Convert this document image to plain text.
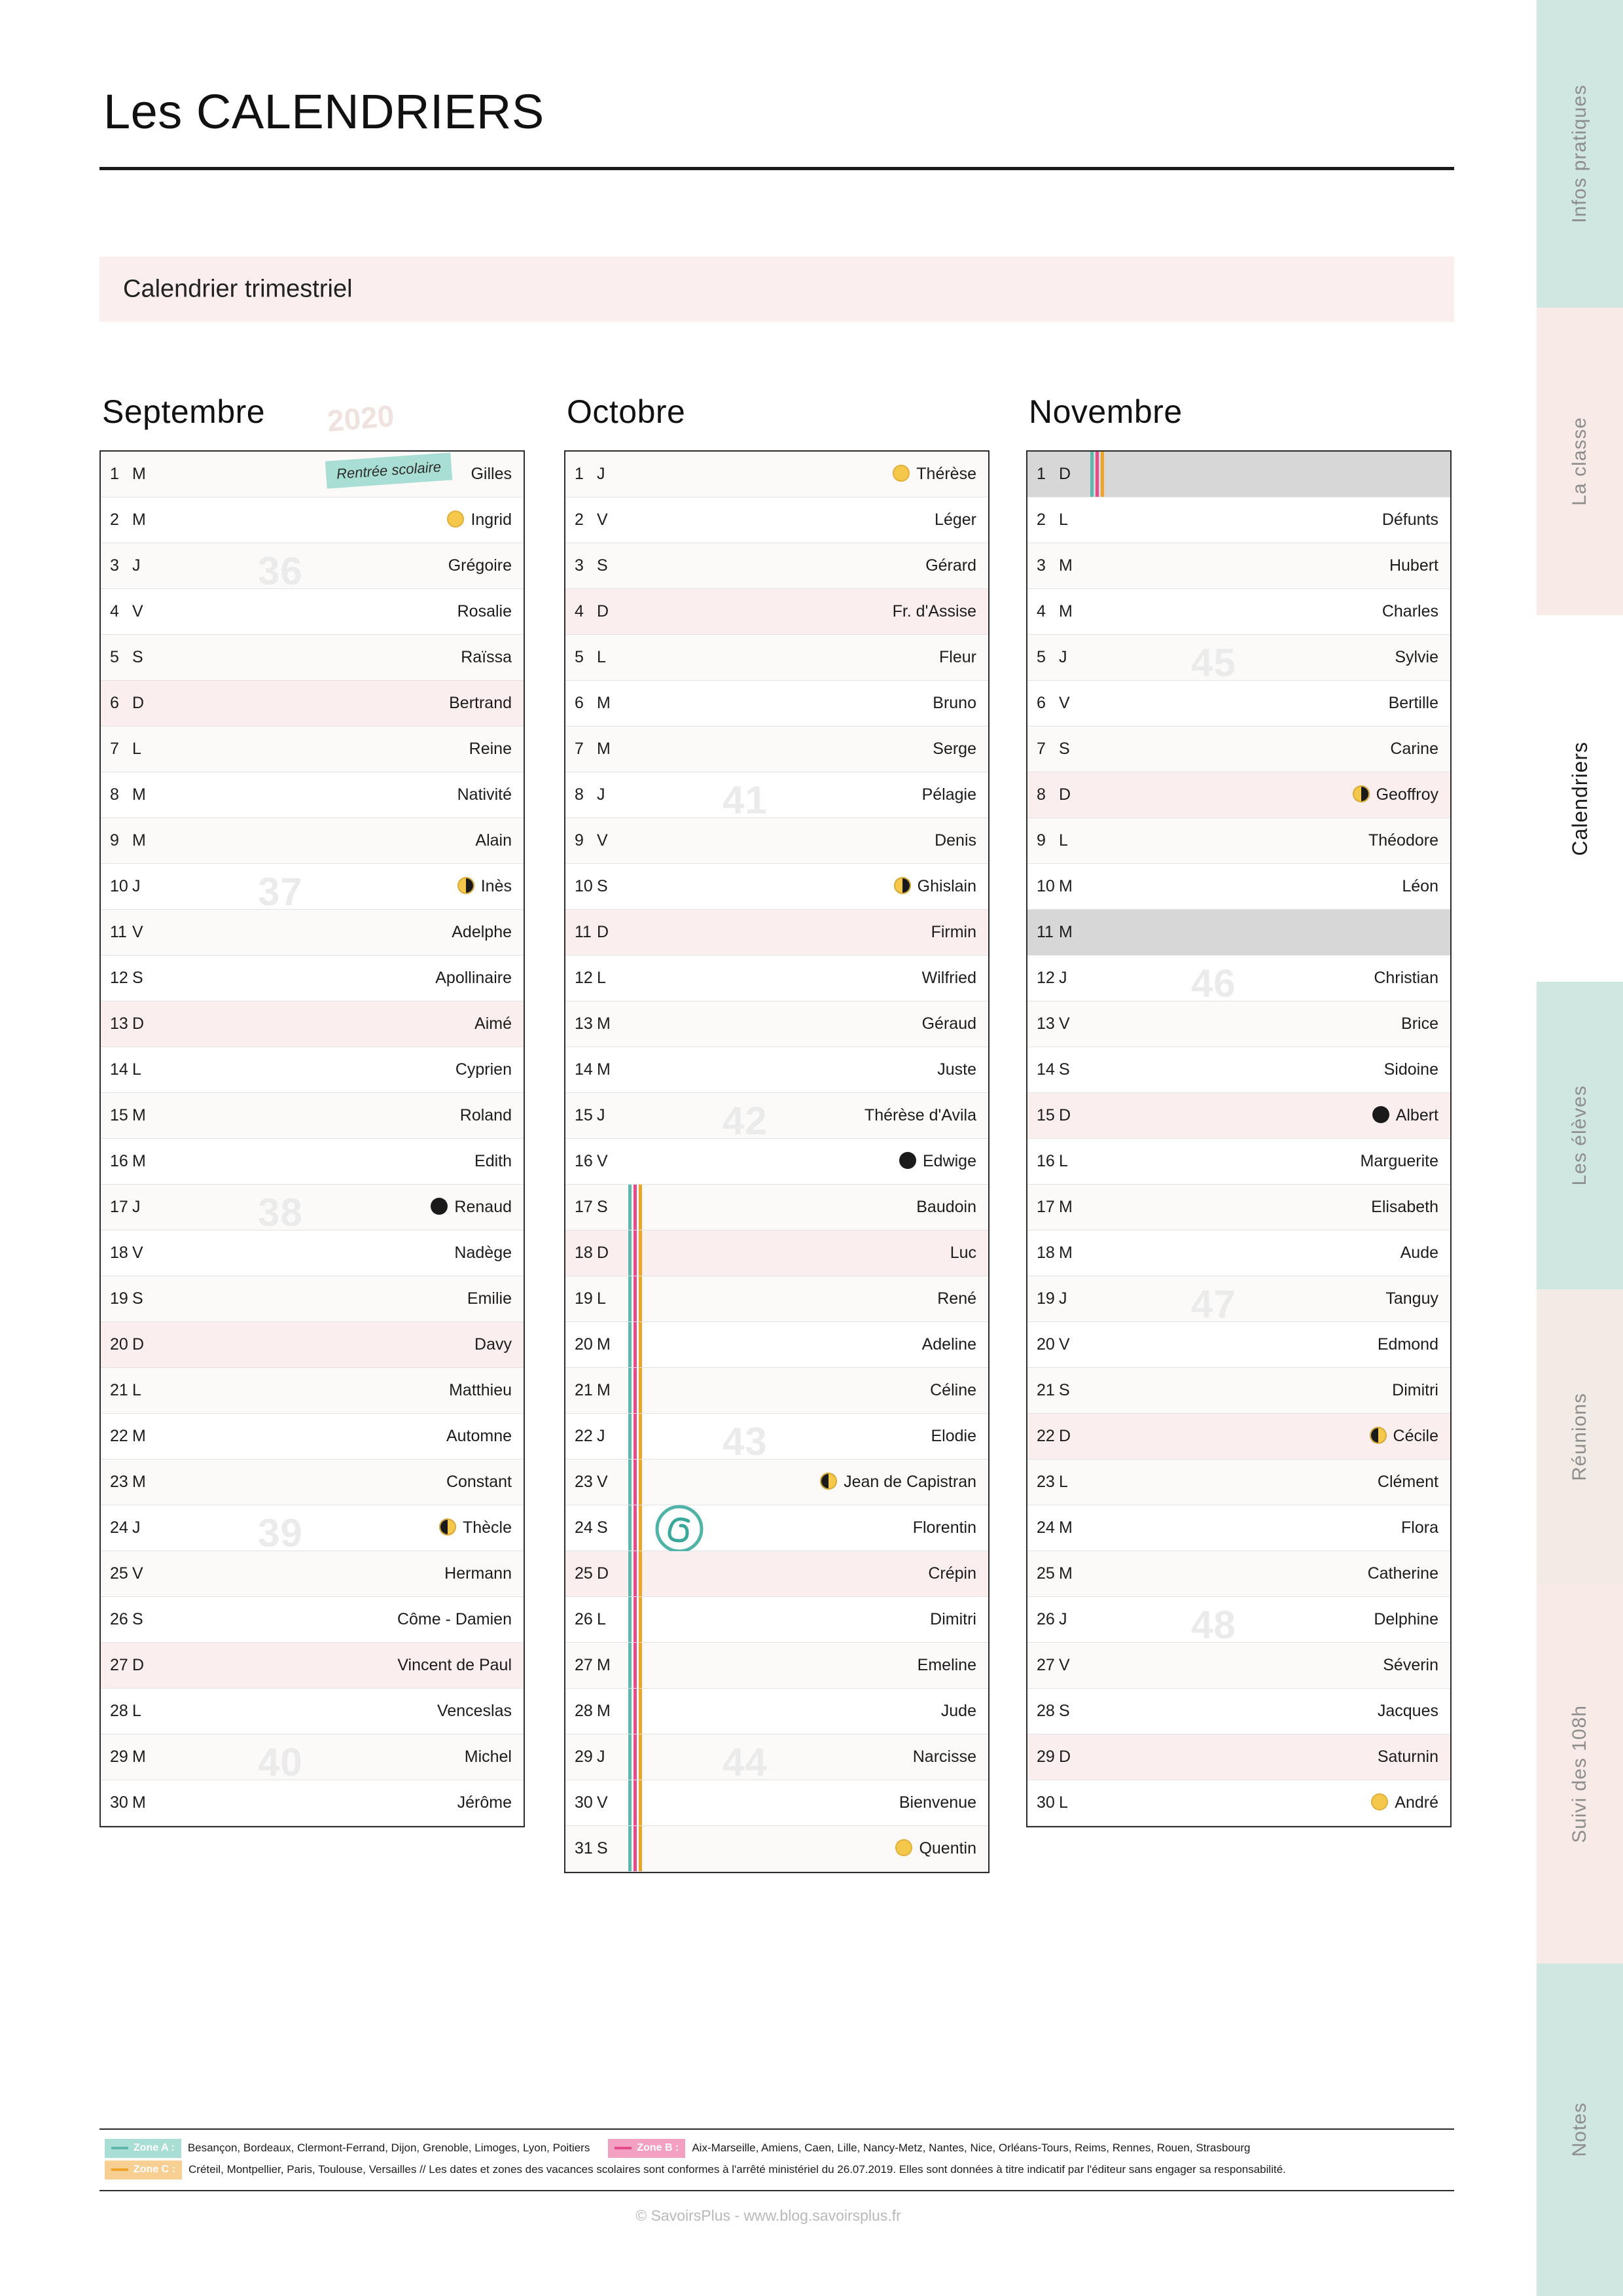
Les CALENDRIERS
Calendrier trimestriel
2020
Septembre
1 M	Gilles
Rentrée scolaire
2 M	Ingrid
3 J	Grégoire
4 V	Rosalie
5 S	Raïssa
6 D	Bertrand
7 L	Reine
8 M	Nativité
9 M	Alain
10 J	Inès
11 V	Adelphe
12 S	Apollinaire
13 D	Aimé
14 L	Cyprien
15 M	Roland
16 M	Edith
17 J	Renaud
18 V	Nadège
19 S	Emilie
20 D	Davy
21 L	Matthieu
22 M	Automne
23 M	Constant
24 J	Thècle
25 V	Hermann
26 S	Côme - Damien
27 D	Vincent de Paul
28 L	Venceslas
29 M	Michel
30 M	Jérôme
36
37
38
39
40
Octobre
1 J	Thérèse
2 V	Léger
3 S	Gérard
4 D	Fr. d'Assise
5 L	Fleur
6 M	Bruno
7 M	Serge
8 J	Pélagie
9 V	Denis
10 S	Ghislain
11 D	Firmin
12 L	Wilfried
13 M	Géraud
14 M	Juste
15 J	Thérèse d'Avila
16 V	Edwige
17 S	Baudoin
18 D	Luc
19 L	René
20 M	Adeline
21 M	Céline
22 J	Elodie
23 V	Jean de Capistran
24 S	Florentin
25 D	Crépin
26 L	Dimitri
27 M	Emeline
28 M	Jude
29 J	Narcisse
30 V	Bienvenue
31 S	Quentin
41
42
43
44
Novembre
1 D
2 L	Défunts
3 M	Hubert
4 M	Charles
5 J	Sylvie
6 V	Bertille
7 S	Carine
8 D	Geoffroy
9 L	Théodore
10 M	Léon
11 M
12 J	Christian
13 V	Brice
14 S	Sidoine
15 D	Albert
16 L	Marguerite
17 M	Elisabeth
18 M	Aude
19 J	Tanguy
20 V	Edmond
21 S	Dimitri
22 D	Cécile
23 L	Clément
24 M	Flora
25 M	Catherine
26 J	Delphine
27 V	Séverin
28 S	Jacques
29 D	Saturnin
30 L	André
45
46
47
48
Zone A : Besançon, Bordeaux, Clermont-Ferrand, Dijon, Grenoble, Limoges, Lyon, Poitiers	Zone B : Aix-Marseille, Amiens, Caen, Lille, Nancy-Metz, Nantes, Nice, Orléans-Tours, Reims, Rennes, Rouen, Strasbourg
Zone C : Créteil, Montpellier, Paris, Toulouse, Versailles // Les dates et zones des vacances scolaires sont conformes à l'arrêté ministériel du 26.07.2019. Elles sont données à titre indicatif par l'éditeur sans engager sa responsabilité.
© SavoirsPlus - www.blog.savoirsplus.fr
Infos pratiques
La classe
Calendriers
Les élèves
Réunions
Suivi des 108h
Notes
